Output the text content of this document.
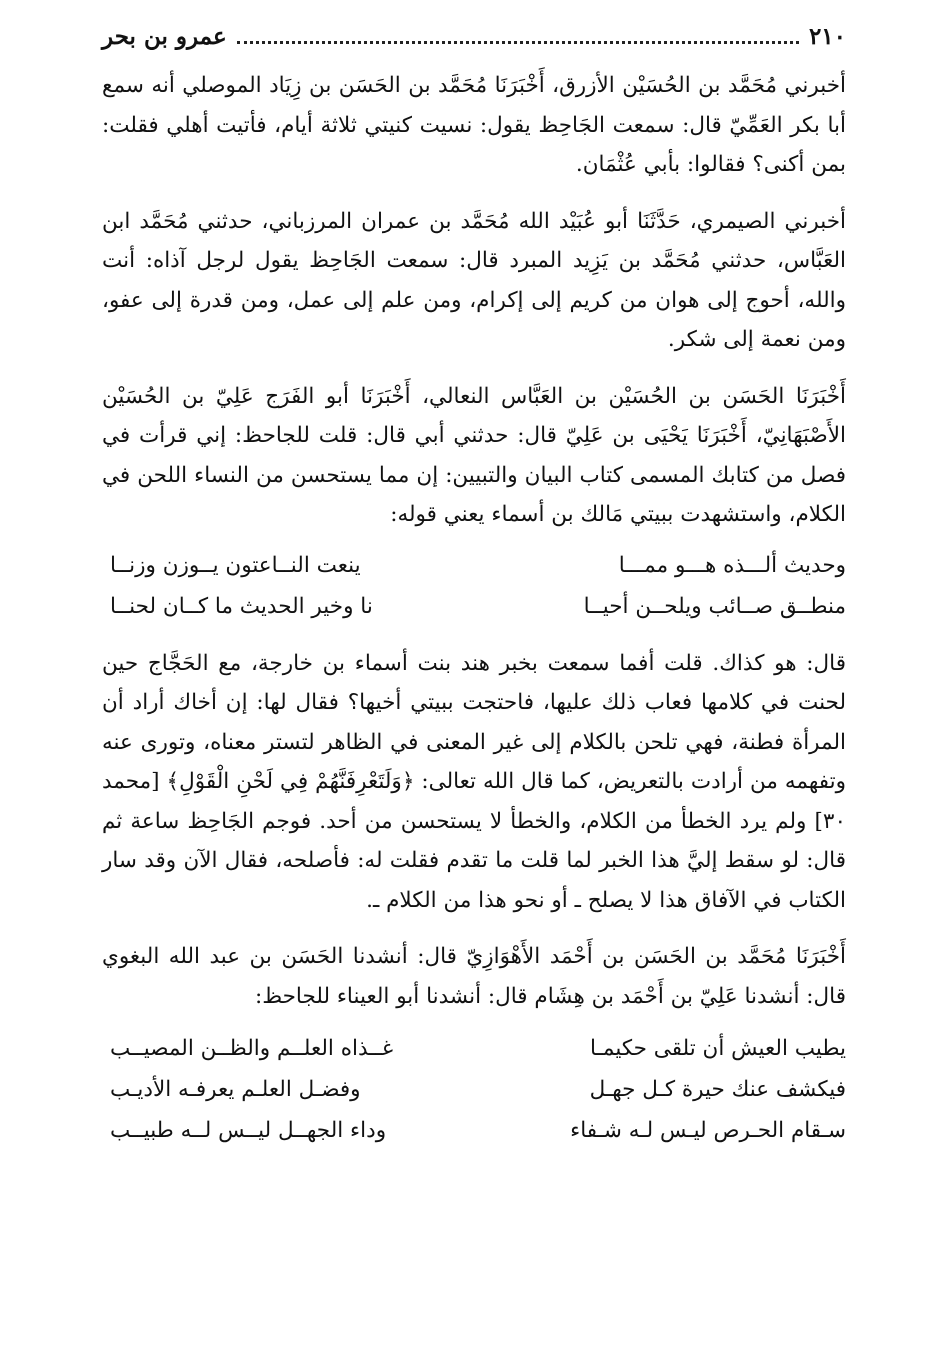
٢١٠
عمرو بن بحر

أخبرني مُحَمَّد بن الحُسَيْن الأزرق، أَخْبَرَنَا مُحَمَّد بن الحَسَن بن زِيَاد الموصلي أنه سمع أبا بكر العَمِّيّ قال: سمعت الجَاحِظ يقول: نسيت كنيتي ثلاثة أيام، فأتيت أهلي فقلت: بمن أكنى؟ فقالوا: بأبي عُثْمَان.

أخبرني الصيمري، حَدَّثَنَا أبو عُبَيْد الله مُحَمَّد بن عمران المرزباني، حدثني مُحَمَّد ابن العَبَّاس، حدثني مُحَمَّد بن يَزِيد المبرد قال: سمعت الجَاحِظ يقول لرجل آذاه: أنت والله، أحوج إلى هوان من كريم إلى إكرام، ومن علم إلى عمل، ومن قدرة إلى عفو، ومن نعمة إلى شكر.

أَخْبَرَنَا الحَسَن بن الحُسَيْن بن العَبَّاس النعالي، أَخْبَرَنَا أبو الفَرَج عَلِيّ بن الحُسَيْن الأَصْبَهَانِيّ، أَخْبَرَنَا يَحْيَى بن عَلِيّ قال: حدثني أبي قال: قلت للجاحظ: إني قرأت في فصل من كتابك المسمى كتاب البيان والتبيين: إن مما يستحسن من النساء اللحن في الكلام، واستشهدت ببيتي مَالك بن أسماء يعني قوله:

وحديث ألـــذه هـــو ممـــا
ينعت النــاعتون يــوزن وزنــا
منطــق صــائب ويلحــن أحيــا
نا وخير الحديث ما كــان لحنــا

قال: هو كذاك. قلت أفما سمعت بخبر هند بنت أسماء بن خارجة، مع الحَجَّاج حين لحنت في كلامها فعاب ذلك عليها، فاحتجت ببيتي أخيها؟ فقال لها: إن أخاك أراد أن المرأة فطنة، فهي تلحن بالكلام إلى غير المعنى في الظاهر لتستر معناه، وتورى عنه وتفهمه من أرادت بالتعريض، كما قال الله تعالى: ﴿وَلَتَعْرِفَنَّهُمْ فِي لَحْنِ الْقَوْلِ﴾ [محمد ٣٠] ولم يرد الخطأ من الكلام، والخطأ لا يستحسن من أحد. فوجم الجَاحِظ ساعة ثم قال: لو سقط إليَّ هذا الخبر لما قلت ما تقدم فقلت له: فأصلحه، فقال الآن وقد سار الكتاب في الآفاق هذا لا يصلح ـ أو نحو هذا من الكلام ـ.

أَخْبَرَنَا مُحَمَّد بن الحَسَن بن أَحْمَد الأَهْوَازِيّ قال: أنشدنا الحَسَن بن عبد الله البغوي قال: أنشدنا عَلِيّ بن أَحْمَد بن هِشَام قال: أنشدنا أبو العيناء للجاحظ:

يطيب العيش أن تلقى حكيمـا
غــذاه العلــم والظــن المصيــب
فيكشف عنك حيرة كـل جهـل
وفضـل العلـم يعرفـه الأديـب
سـقام الحـرص ليـس لـه شـفاء
وداء الجهــل ليــس لــه طبيــب
